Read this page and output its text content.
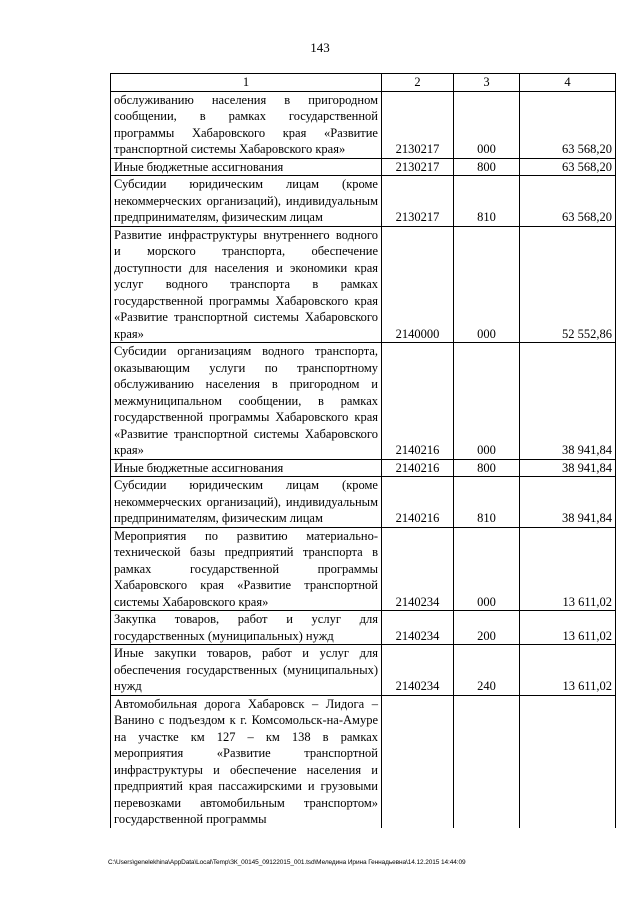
143
1	2	3	4
обслуживанию населения в пригородном сообщении, в рамках государственной программы Хабаровского края «Развитие транспортной системы Хабаровского края»	2130217	000	63 568,20
Иные бюджетные ассигнования	2130217	800	63 568,20
Субсидии юридическим лицам (кроме некоммерческих организаций), индивидуальным предпринимателям, физическим лицам	2130217	810	63 568,20
Развитие инфраструктуры внутреннего водного и морского транспорта, обеспечение доступности для населения и экономики края услуг водного транспорта в рамках государственной программы Хабаровского края «Развитие транспортной системы Хабаровского края»	2140000	000	52 552,86
Субсидии организациям водного транспорта, оказывающим услуги по транспортному обслуживанию населения в пригородном и межмуниципальном сообщении, в рамках государственной программы Хабаровского края «Развитие транспортной системы Хабаровского края»	2140216	000	38 941,84
Иные бюджетные ассигнования	2140216	800	38 941,84
Субсидии юридическим лицам (кроме некоммерческих организаций), индивидуальным предпринимателям, физическим лицам	2140216	810	38 941,84
Мероприятия по развитию материально-технической базы предприятий транспорта в рамках государственной программы Хабаровского края «Развитие транспортной системы Хабаровского края»	2140234	000	13 611,02
Закупка товаров, работ и услуг для государственных (муниципальных) нужд	2140234	200	13 611,02
Иные закупки товаров, работ и услуг для обеспечения государственных (муниципальных) нужд	2140234	240	13 611,02
Автомобильная дорога Хабаровск – Лидога – Ванино с подъездом к г. Комсомольск-на-Амуре на участке км 127 – км 138 в рамках мероприятия «Развитие транспортной инфраструктуры и обеспечение населения и предприятий края пассажирскими и грузовыми перевозками автомобильным транспортом» государственной программы			
C:\Users\genelekhina\AppData\Local\Temp\ЗК_00145_09122015_001.tsd\Меледина Ирина Геннадьевна\14.12.2015 14:44:09
